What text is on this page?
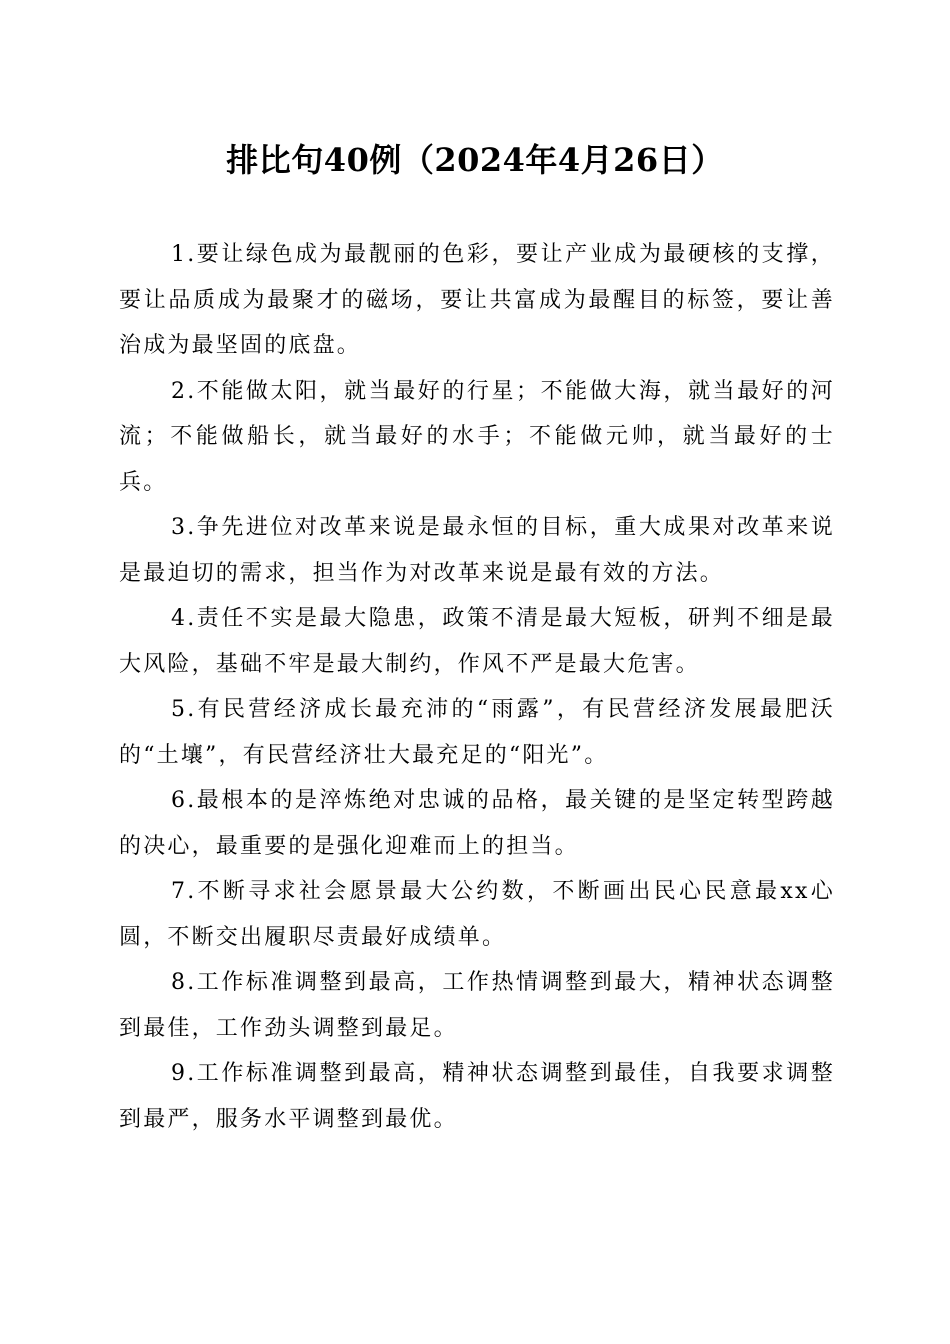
排比句40例（2024年4月26日）

1.要让绿色成为最靓丽的色彩，要让产业成为最硬核的支撑，要让品质成为最聚才的磁场，要让共富成为最醒目的标签，要让善治成为最坚固的底盘。

2.不能做太阳，就当最好的行星；不能做大海，就当最好的河流；不能做船长，就当最好的水手；不能做元帅，就当最好的士兵。

3.争先进位对改革来说是最永恒的目标，重大成果对改革来说是最迫切的需求，担当作为对改革来说是最有效的方法。

4.责任不实是最大隐患，政策不清是最大短板，研判不细是最大风险，基础不牢是最大制约，作风不严是最大危害。

5.有民营经济成长最充沛的“雨露”，有民营经济发展最肥沃的“土壤”，有民营经济壮大最充足的“阳光”。

6.最根本的是淬炼绝对忠诚的品格，最关键的是坚定转型跨越的决心，最重要的是强化迎难而上的担当。

7.不断寻求社会愿景最大公约数，不断画出民心民意最xx心圆，不断交出履职尽责最好成绩单。

8.工作标准调整到最高，工作热情调整到最大，精神状态调整到最佳，工作劲头调整到最足。

9.工作标准调整到最高，精神状态调整到最佳，自我要求调整到最严，服务水平调整到最优。
